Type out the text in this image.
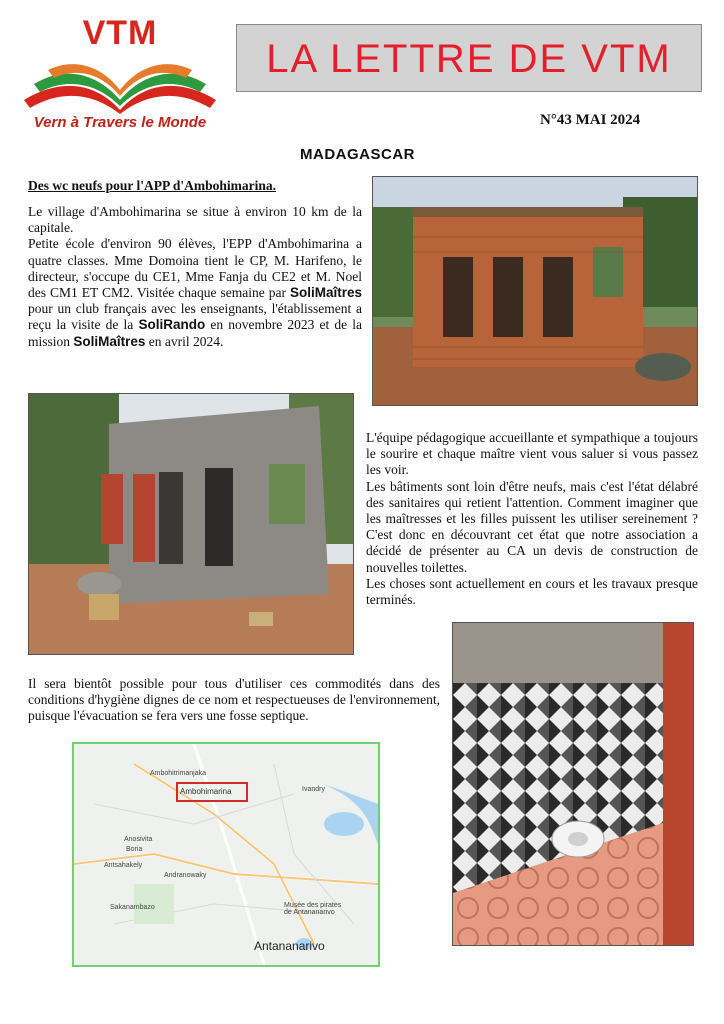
VTM
Vern à Travers le Monde
LA LETTRE DE VTM
N°43 MAI 2024
MADAGASCAR
Des wc neufs pour l'APP d'Ambohimarina.
Le village d'Ambohimarina se situe à environ 10 km de la capitale.
Petite école d'environ 90 élèves, l'EPP d'Ambohimarina a quatre classes. Mme Domoina tient le CP, M. Harifeno, le directeur, s'occupe du CE1, Mme Fanja du CE2 et M. Noel des CM1 ET CM2. Visitée chaque semaine par SoliMaîtres pour un club français avec les enseignants, l'établissement a reçu la visite de la SoliRando en novembre 2023 et de la mission SoliMaîtres en avril 2024.
L'équipe pédagogique accueillante et sympathique a toujours le sourire et chaque maître vient vous saluer si vous passez les voir.
Les bâtiments sont loin d'être neufs, mais c'est l'état délabré des sanitaires qui retient l'attention. Comment imaginer que les maîtresses et les filles puissent les utiliser sereinement ? C'est donc en découvrant cet état que notre association a décidé de présenter au CA un devis de construction de nouvelles toilettes.
Les choses sont actuellement en cours et les travaux presque terminés.
Il sera bientôt possible pour tous d'utiliser ces commodités dans des conditions d'hygiène dignes de ce nom et respectueuses de l'environnement, puisque l'évacuation se fera vers une fosse septique.
Ambohimarina
Ambohitrimanjaka
Ivandry
Anosivita
Boria
Antsahakely
Andranowaky
Sakanambazo	Musée des pirates de Antananarivo
Antananarivo
